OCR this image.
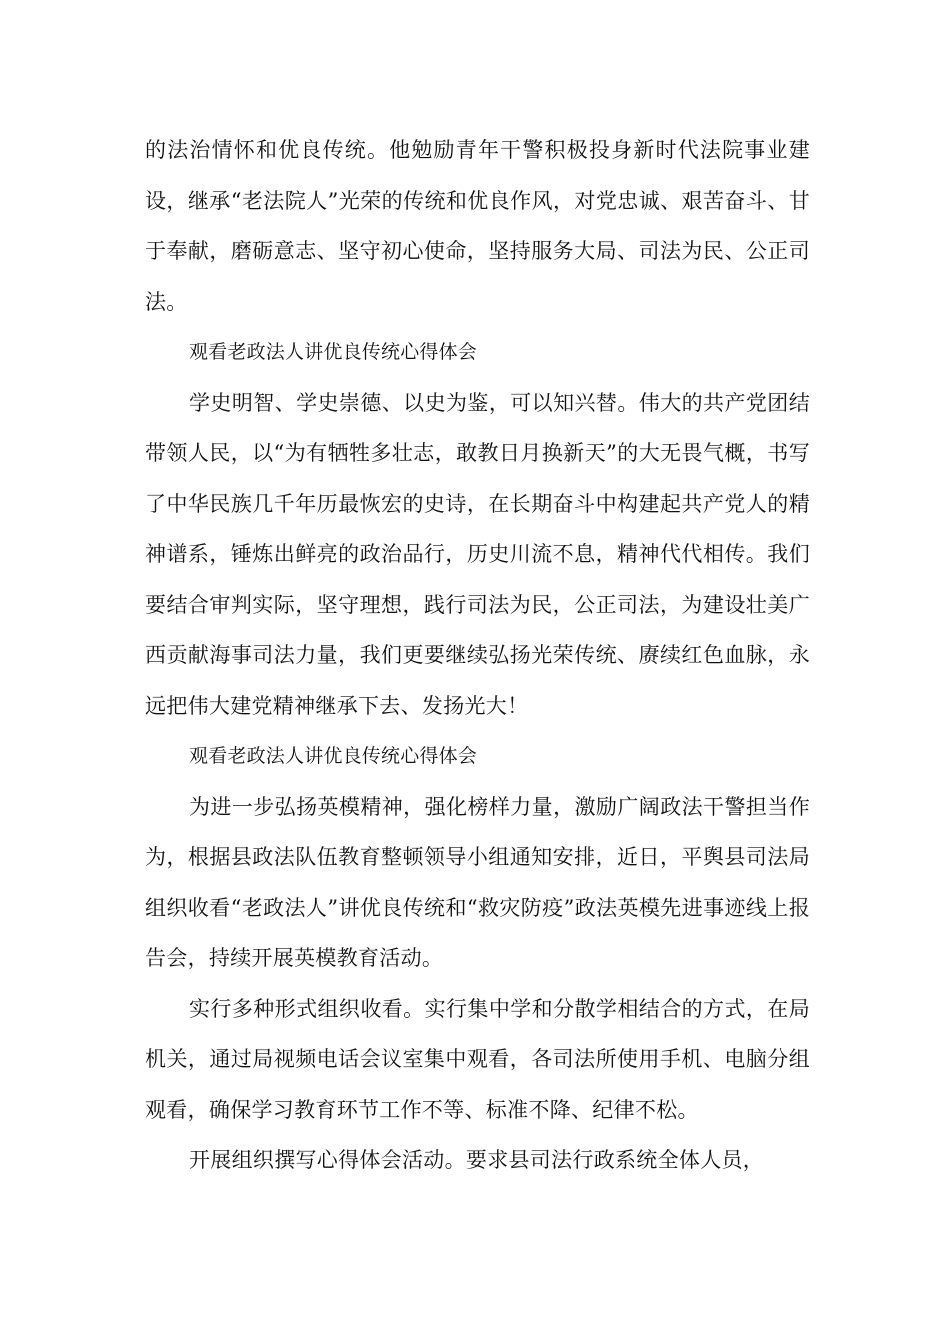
的法治情怀和优良传统。他勉励青年干警积极投身新时代法院事业建设，继承“老法院人”光荣的传统和优良作风，对党忠诚、艰苦奋斗、甘于奉献，磨砺意志、坚守初心使命，坚持服务大局、司法为民、公正司法。

观看老政法人讲优良传统心得体会

学史明智、学史崇德、以史为鉴，可以知兴替。伟大的共产党团结带领人民，以“为有牺牲多壮志，敢教日月换新天”的大无畏气概，书写了中华民族几千年历最恢宏的史诗，在长期奋斗中构建起共产党人的精神谱系，锤炼出鲜亮的政治品行，历史川流不息，精神代代相传。我们要结合审判实际，坚守理想，践行司法为民，公正司法，为建设壮美广西贡献海事司法力量，我们更要继续弘扬光荣传统、赓续红色血脉，永远把伟大建党精神继承下去、发扬光大！

观看老政法人讲优良传统心得体会

为进一步弘扬英模精神，强化榜样力量，激励广阔政法干警担当作为，根据县政法队伍教育整顿领导小组通知安排，近日，平舆县司法局组织收看“老政法人”讲优良传统和“救灾防疫”政法英模先进事迹线上报告会，持续开展英模教育活动。

实行多种形式组织收看。实行集中学和分散学相结合的方式，在局机关，通过局视频电话会议室集中观看，各司法所使用手机、电脑分组观看，确保学习教育环节工作不等、标准不降、纪律不松。

开展组织撰写心得体会活动。要求县司法行政系统全体人员，
